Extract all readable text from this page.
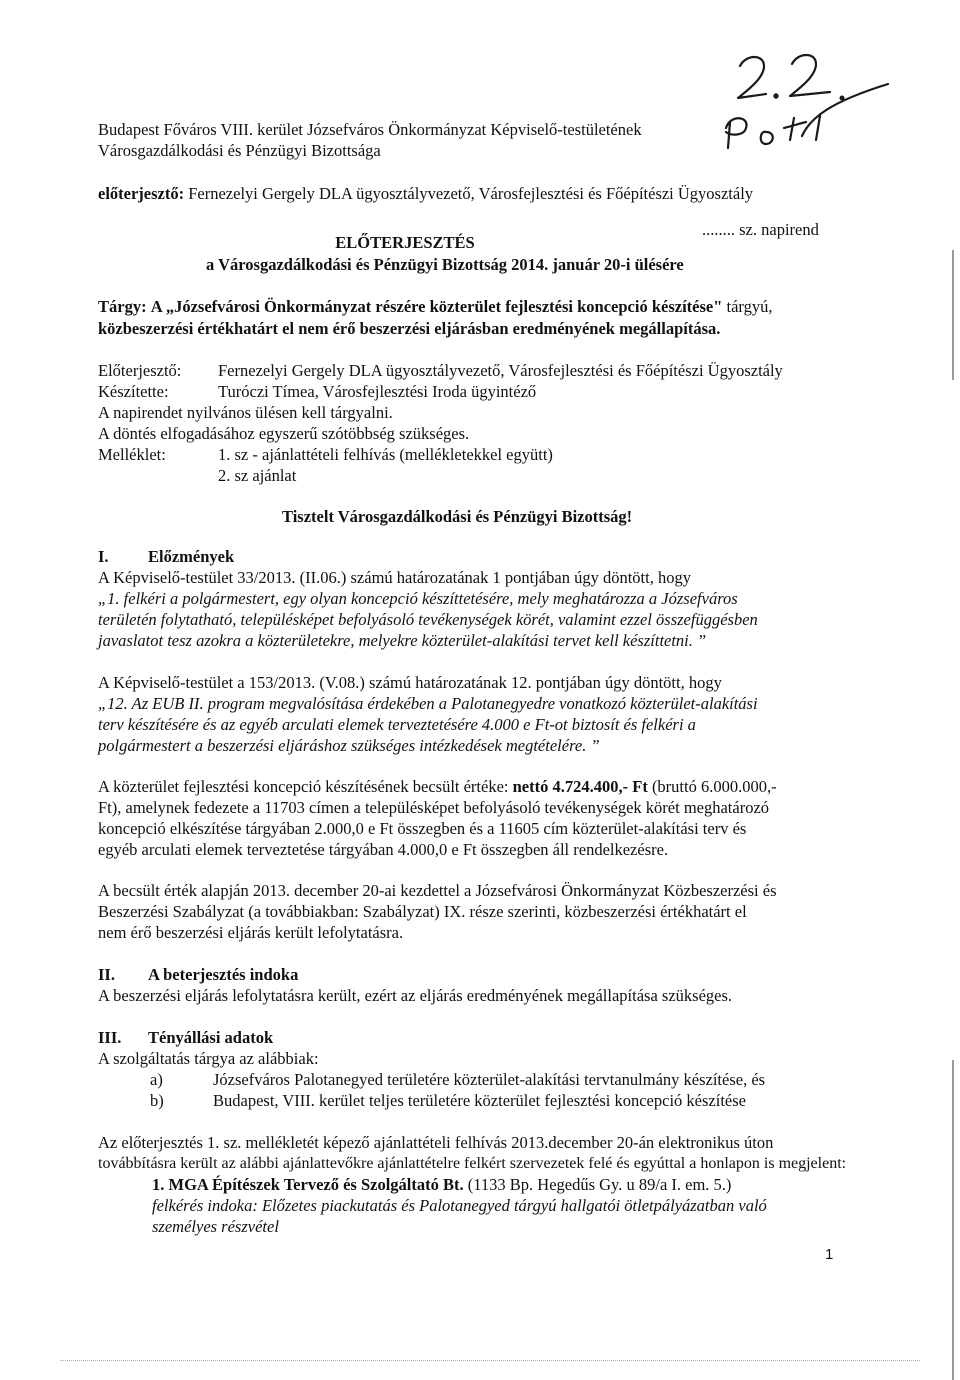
Budapest Főváros VIII. kerület Józsefváros Önkormányzat Képviselő-testületének
Városgazdálkodási és Pénzügyi Bizottsága
előterjesztő: Fernezelyi Gergely DLA ügyosztályvezető, Városfejlesztési és Főépítészi Ügyosztály
........ sz. napirend
ELŐTERJESZTÉS
a Városgazdálkodási és Pénzügyi Bizottság 2014. január 20-i ülésére
Tárgy: A „Józsefvárosi Önkormányzat részére közterület fejlesztési koncepció készítése" tárgyú,
közbeszerzési értékhatárt el nem érő beszerzési eljárásban eredményének megállapítása.
Előterjesztő: Fernezelyi Gergely DLA ügyosztályvezető, Városfejlesztési és Főépítészi Ügyosztály
Készítette:	Turóczi Tímea, Városfejlesztési Iroda ügyintéző
A napirendet nyilvános ülésen kell tárgyalni.
A döntés elfogadásához egyszerű szótöbbség szükséges.
Melléklet:	1. sz - ajánlattételi felhívás (mellékletekkel együtt)
2. sz ajánlat
Tisztelt Városgazdálkodási és Pénzügyi Bizottság!
I. Előzmények
A Képviselő-testület 33/2013. (II.06.) számú határozatának 1 pontjában úgy döntött, hogy
„1. felkéri a polgármestert, egy olyan koncepció készíttetésére, mely meghatározza a Józsefváros
területén folytatható, településképet befolyásoló tevékenységek körét, valamint ezzel összefüggésben
javaslatot tesz azokra a közterületekre, melyekre közterület-alakítási tervet kell készíttetni. ”
A Képviselő-testület a 153/2013. (V.08.) számú határozatának 12. pontjában úgy döntött, hogy
„12. Az EUB II. program megvalósítása érdekében a Palotanegyedre vonatkozó közterület-alakítási
terv készítésére és az egyéb arculati elemek terveztetésére 4.000 e Ft-ot biztosít és felkéri a
polgármestert a beszerzési eljáráshoz szükséges intézkedések megtételére. ”
A közterület fejlesztési koncepció készítésének becsült értéke: nettó 4.724.400,- Ft (bruttó 6.000.000,-
Ft), amelynek fedezete a 11703 címen a településképet befolyásoló tevékenységek körét meghatározó
koncepció elkészítése tárgyában 2.000,0 e Ft összegben és a 11605 cím közterület-alakítási terv és
egyéb arculati elemek terveztetése tárgyában 4.000,0 e Ft összegben áll rendelkezésre.
A becsült érték alapján 2013. december 20-ai kezdettel a Józsefvárosi Önkormányzat Közbeszerzési és
Beszerzési Szabályzat (a továbbiakban: Szabályzat) IX. része szerinti, közbeszerzési értékhatárt el
nem érő beszerzési eljárás került lefolytatásra.
II. A beterjesztés indoka
A beszerzési eljárás lefolytatásra került, ezért az eljárás eredményének megállapítása szükséges.
III. Tényállási adatok
A szolgáltatás tárgya az alábbiak:
a)	Józsefváros Palotanegyed területére közterület-alakítási tervtanulmány készítése, és
b)	Budapest, VIII. kerület teljes területére közterület fejlesztési koncepció készítése
Az előterjesztés 1. sz. mellékletét képező ajánlattételi felhívás 2013.december 20-án elektronikus úton
továbbításra került az alábbi ajánlattevőkre ajánlattételre felkért szervezetek felé és egyúttal a honlapon is megjelent:
1. MGA Építészek Tervező és Szolgáltató Bt. (1133 Bp. Hegedűs Gy. u 89/a I. em. 5.)
felkérés indoka: Előzetes piackutatás és Palotanegyed tárgyú hallgatói ötletpályázatban való
személyes részvétel
1
